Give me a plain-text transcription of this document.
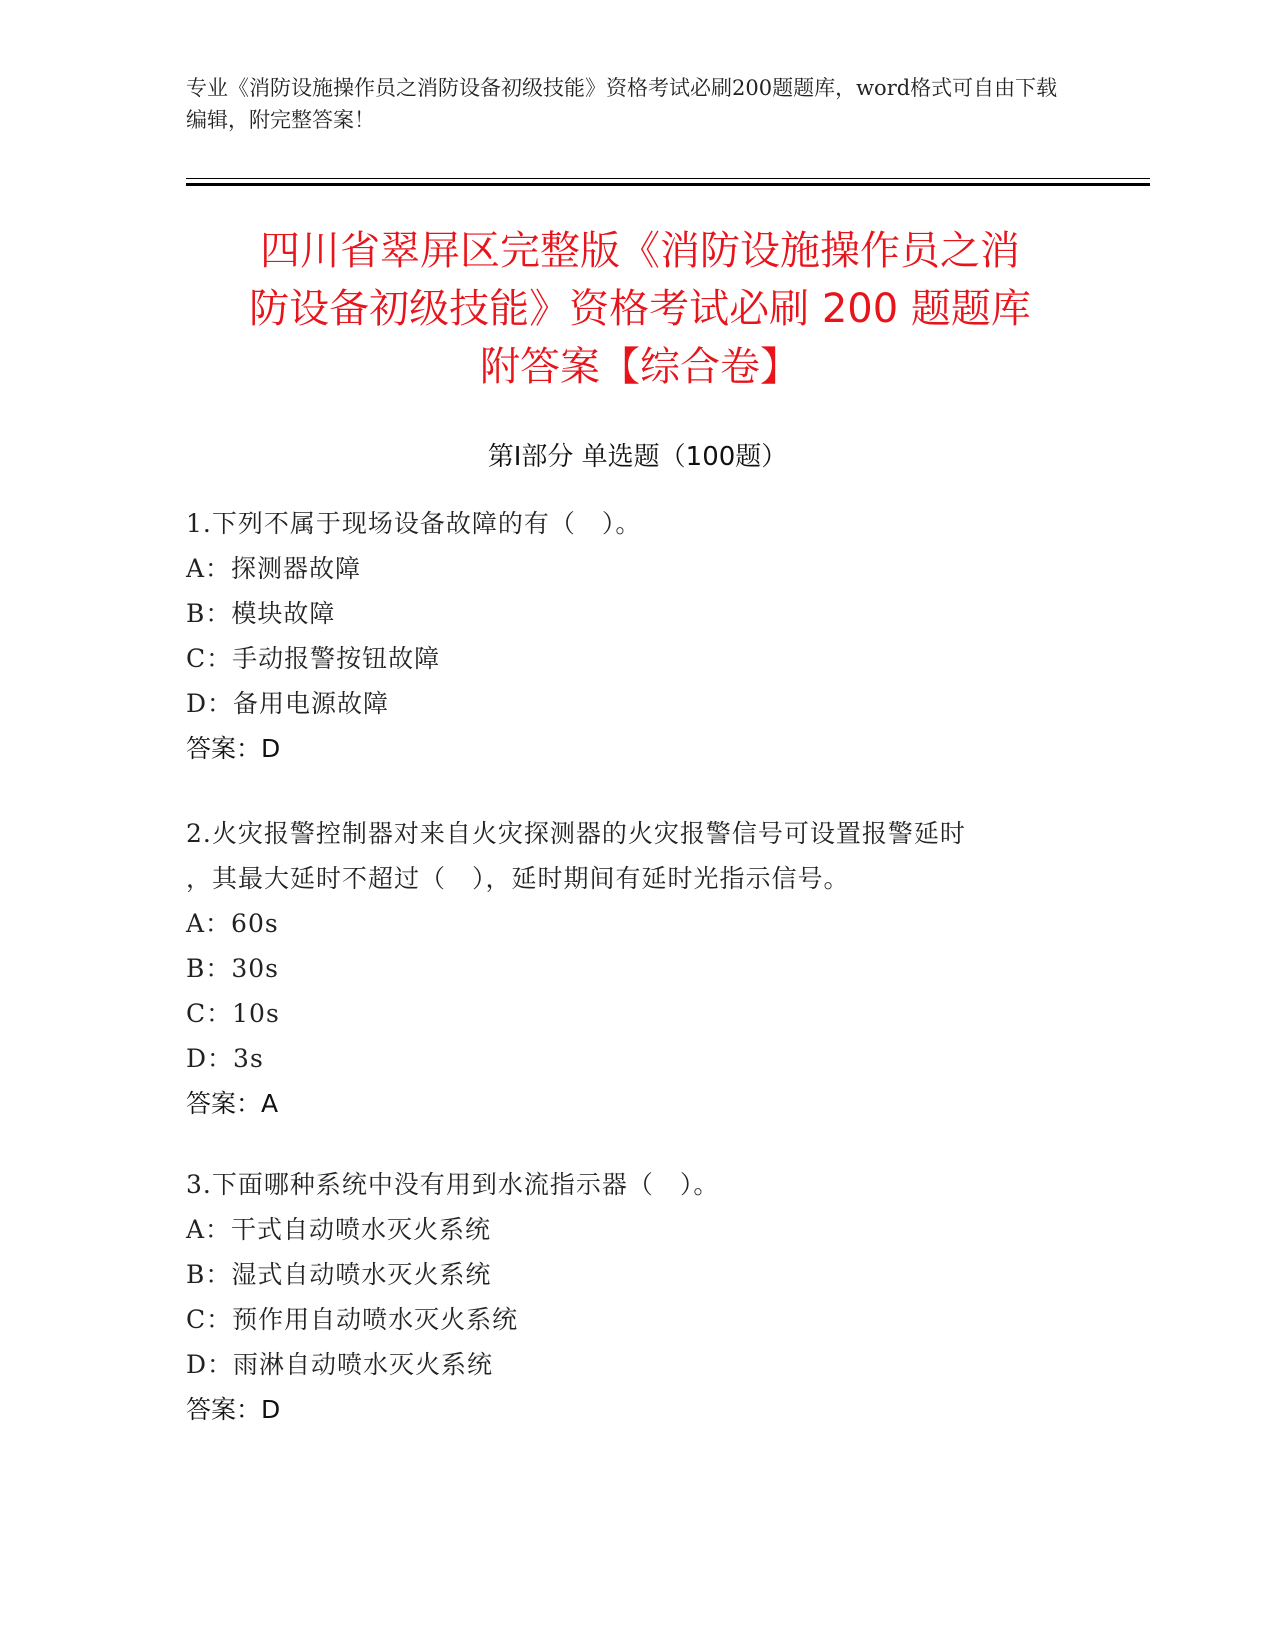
专业《消防设施操作员之消防设备初级技能》资格考试必刷200题题库，word格式可自由下载编辑，附完整答案！
四川省翠屏区完整版《消防设施操作员之消
防设备初级技能》资格考试必刷 200 题题库
附答案【综合卷】
第Ⅰ部分 单选题（100题）
1.下列不属于现场设备故障的有（　）。
A：探测器故障
B：模块故障
C：手动报警按钮故障
D：备用电源故障
答案：D
2.火灾报警控制器对来自火灾探测器的火灾报警信号可设置报警延时
，其最大延时不超过（　），延时期间有延时光指示信号。
A：60s
B：30s
C：10s
D：3s
答案：A
3.下面哪种系统中没有用到水流指示器（　）。
A：干式自动喷水灭火系统
B：湿式自动喷水灭火系统
C：预作用自动喷水灭火系统
D：雨淋自动喷水灭火系统
答案：D
